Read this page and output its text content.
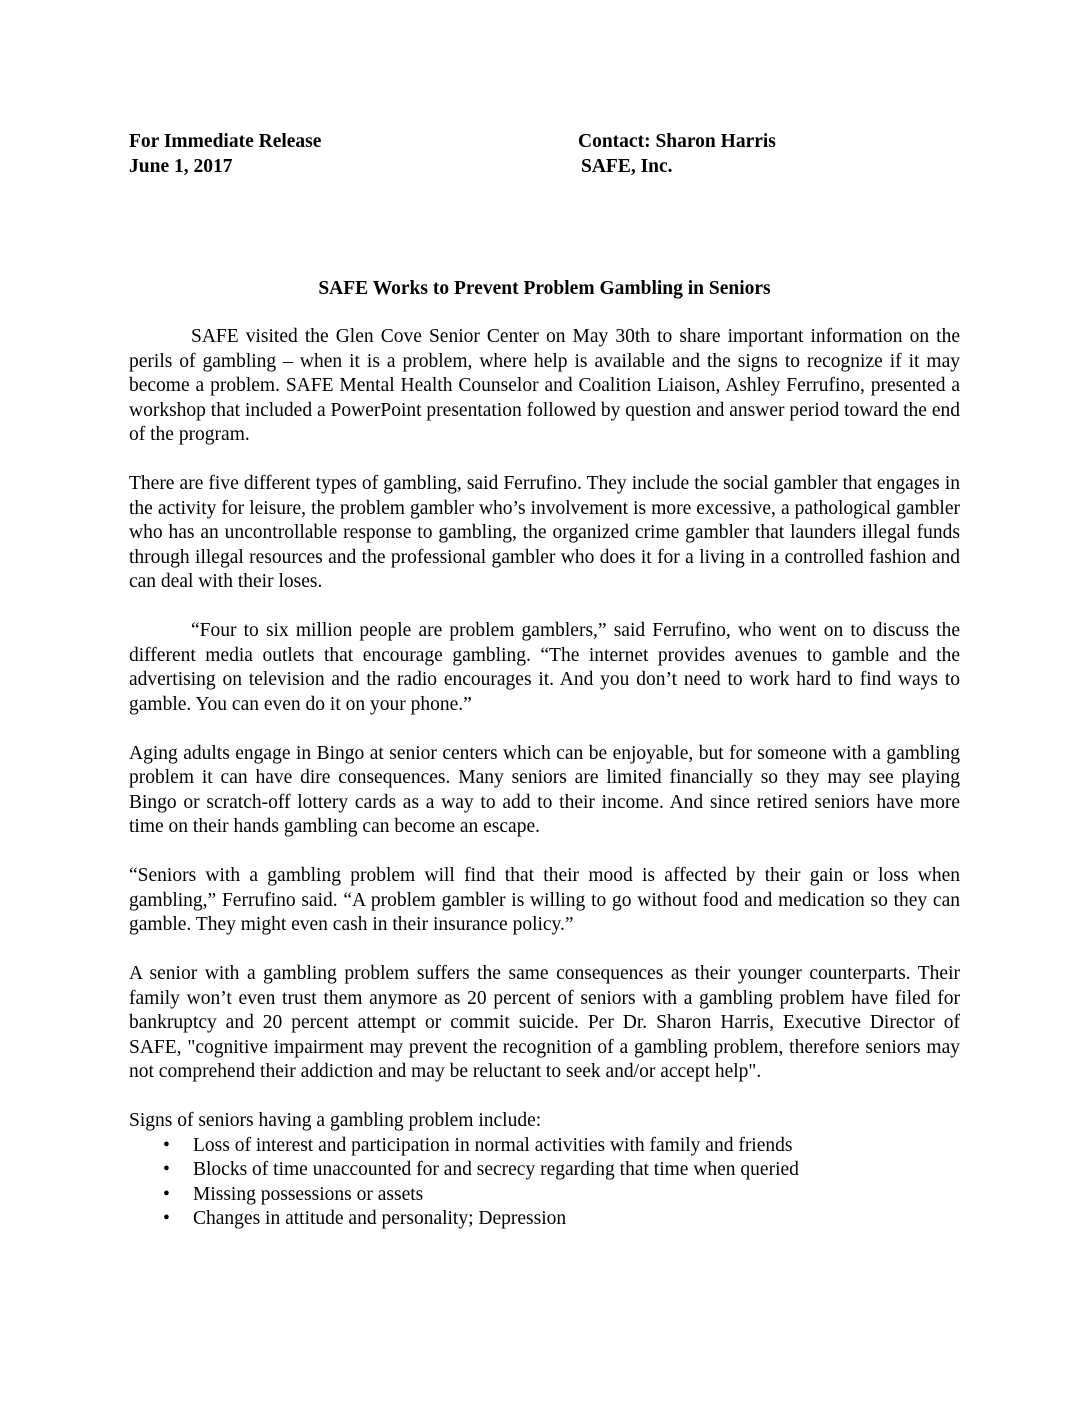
For Immediate Release
June 1, 2017
Contact: Sharon Harris
SAFE, Inc.
SAFE Works to Prevent Problem Gambling in Seniors

SAFE visited the Glen Cove Senior Center on May 30th to share important information on the perils of gambling – when it is a problem, where help is available and the signs to recognize if it may become a problem. SAFE Mental Health Counselor and Coalition Liaison, Ashley Ferrufino, presented a workshop that included a PowerPoint presentation followed by question and answer period toward the end of the program.

There are five different types of gambling, said Ferrufino. They include the social gambler that engages in the activity for leisure, the problem gambler who’s involvement is more excessive, a pathological gambler who has an uncontrollable response to gambling, the organized crime gambler that launders illegal funds through illegal resources and the professional gambler who does it for a living in a controlled fashion and can deal with their loses.

“Four to six million people are problem gamblers,” said Ferrufino, who went on to discuss the different media outlets that encourage gambling. “The internet provides avenues to gamble and the advertising on television and the radio encourages it. And you don’t need to work hard to find ways to gamble. You can even do it on your phone.”

Aging adults engage in Bingo at senior centers which can be enjoyable, but for someone with a gambling problem it can have dire consequences. Many seniors are limited financially so they may see playing Bingo or scratch-off lottery cards as a way to add to their income. And since retired seniors have more time on their hands gambling can become an escape.

“Seniors with a gambling problem will find that their mood is affected by their gain or loss when gambling,” Ferrufino said. “A problem gambler is willing to go without food and medication so they can gamble. They might even cash in their insurance policy.”

A senior with a gambling problem suffers the same consequences as their younger counterparts. Their family won’t even trust them anymore as 20 percent of seniors with a gambling problem have filed for bankruptcy and 20 percent attempt or commit suicide. Per Dr. Sharon Harris, Executive Director of SAFE, "cognitive impairment may prevent the recognition of a gambling problem, therefore seniors may not comprehend their addiction and may be reluctant to seek and/or accept help".

Signs of seniors having a gambling problem include:

• Loss of interest and participation in normal activities with family and friends
• Blocks of time unaccounted for and secrecy regarding that time when queried
• Missing possessions or assets
• Changes in attitude and personality; Depression
